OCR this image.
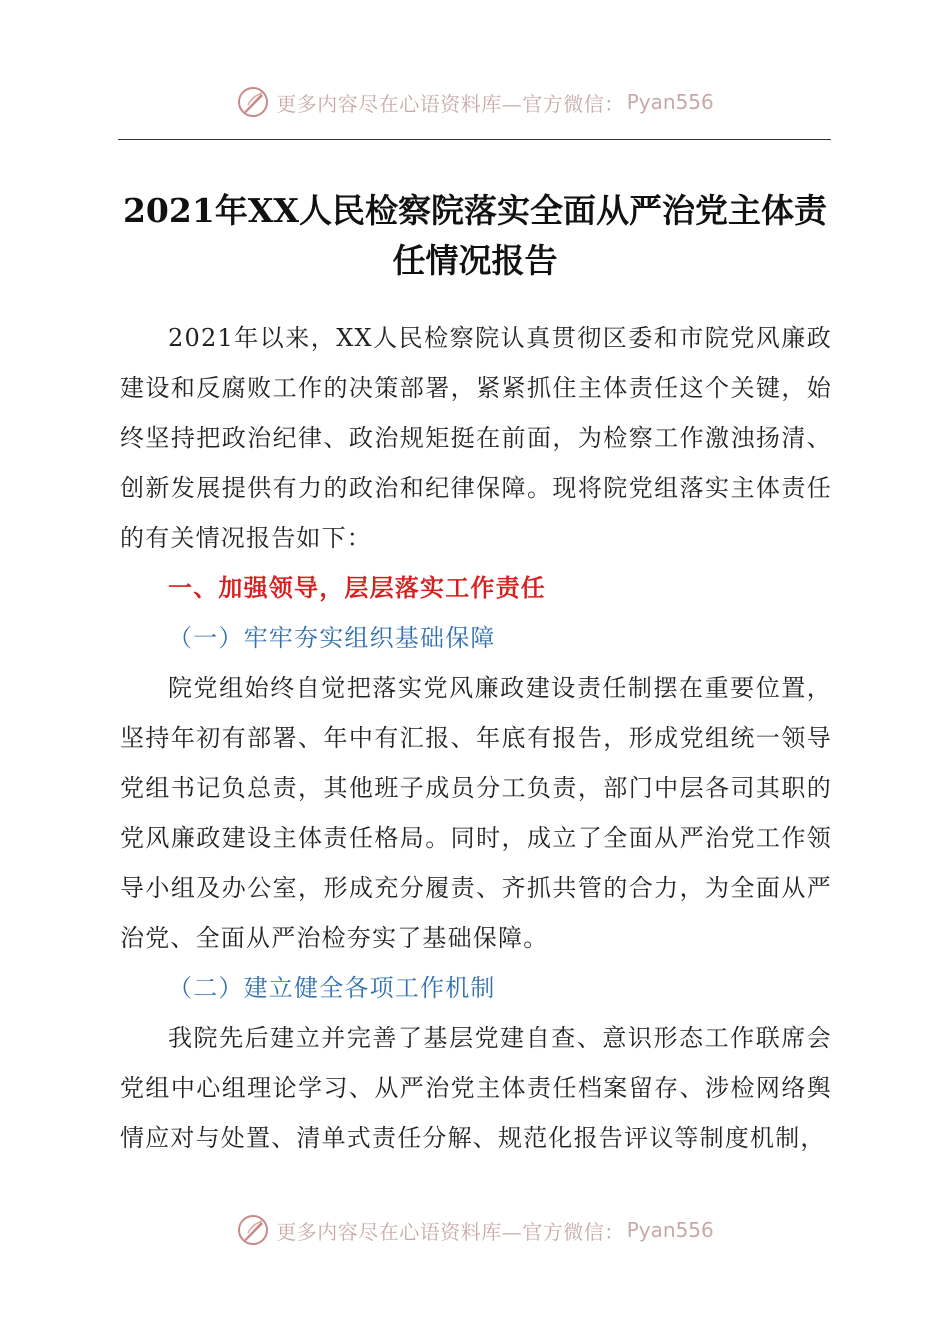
更多内容尽在心语资料库—官方微信： Pyan556
2021年XX人民检察院落实全面从严治党主体责任情况报告

2021年以来，XX人民检察院认真贯彻区委和市院党风廉政建设和反腐败工作的决策部署，紧紧抓住主体责任这个关键，始终坚持把政治纪律、政治规矩挺在前面，为检察工作激浊扬清、创新发展提供有力的政治和纪律保障。现将院党组落实主体责任的有关情况报告如下：

一、加强领导，层层落实工作责任

（一）牢牢夯实组织基础保障

院党组始终自觉把落实党风廉政建设责任制摆在重要位置，坚持年初有部署、年中有汇报、年底有报告，形成党组统一领导党组书记负总责，其他班子成员分工负责，部门中层各司其职的党风廉政建设主体责任格局。同时，成立了全面从严治党工作领导小组及办公室，形成充分履责、齐抓共管的合力，为全面从严治党、全面从严治检夯实了基础保障。

（二）建立健全各项工作机制

我院先后建立并完善了基层党建自查、意识形态工作联席会党组中心组理论学习、从严治党主体责任档案留存、涉检网络舆情应对与处置、清单式责任分解、规范化报告评议等制度机制，

更多内容尽在心语资料库—官方微信： Pyan556
